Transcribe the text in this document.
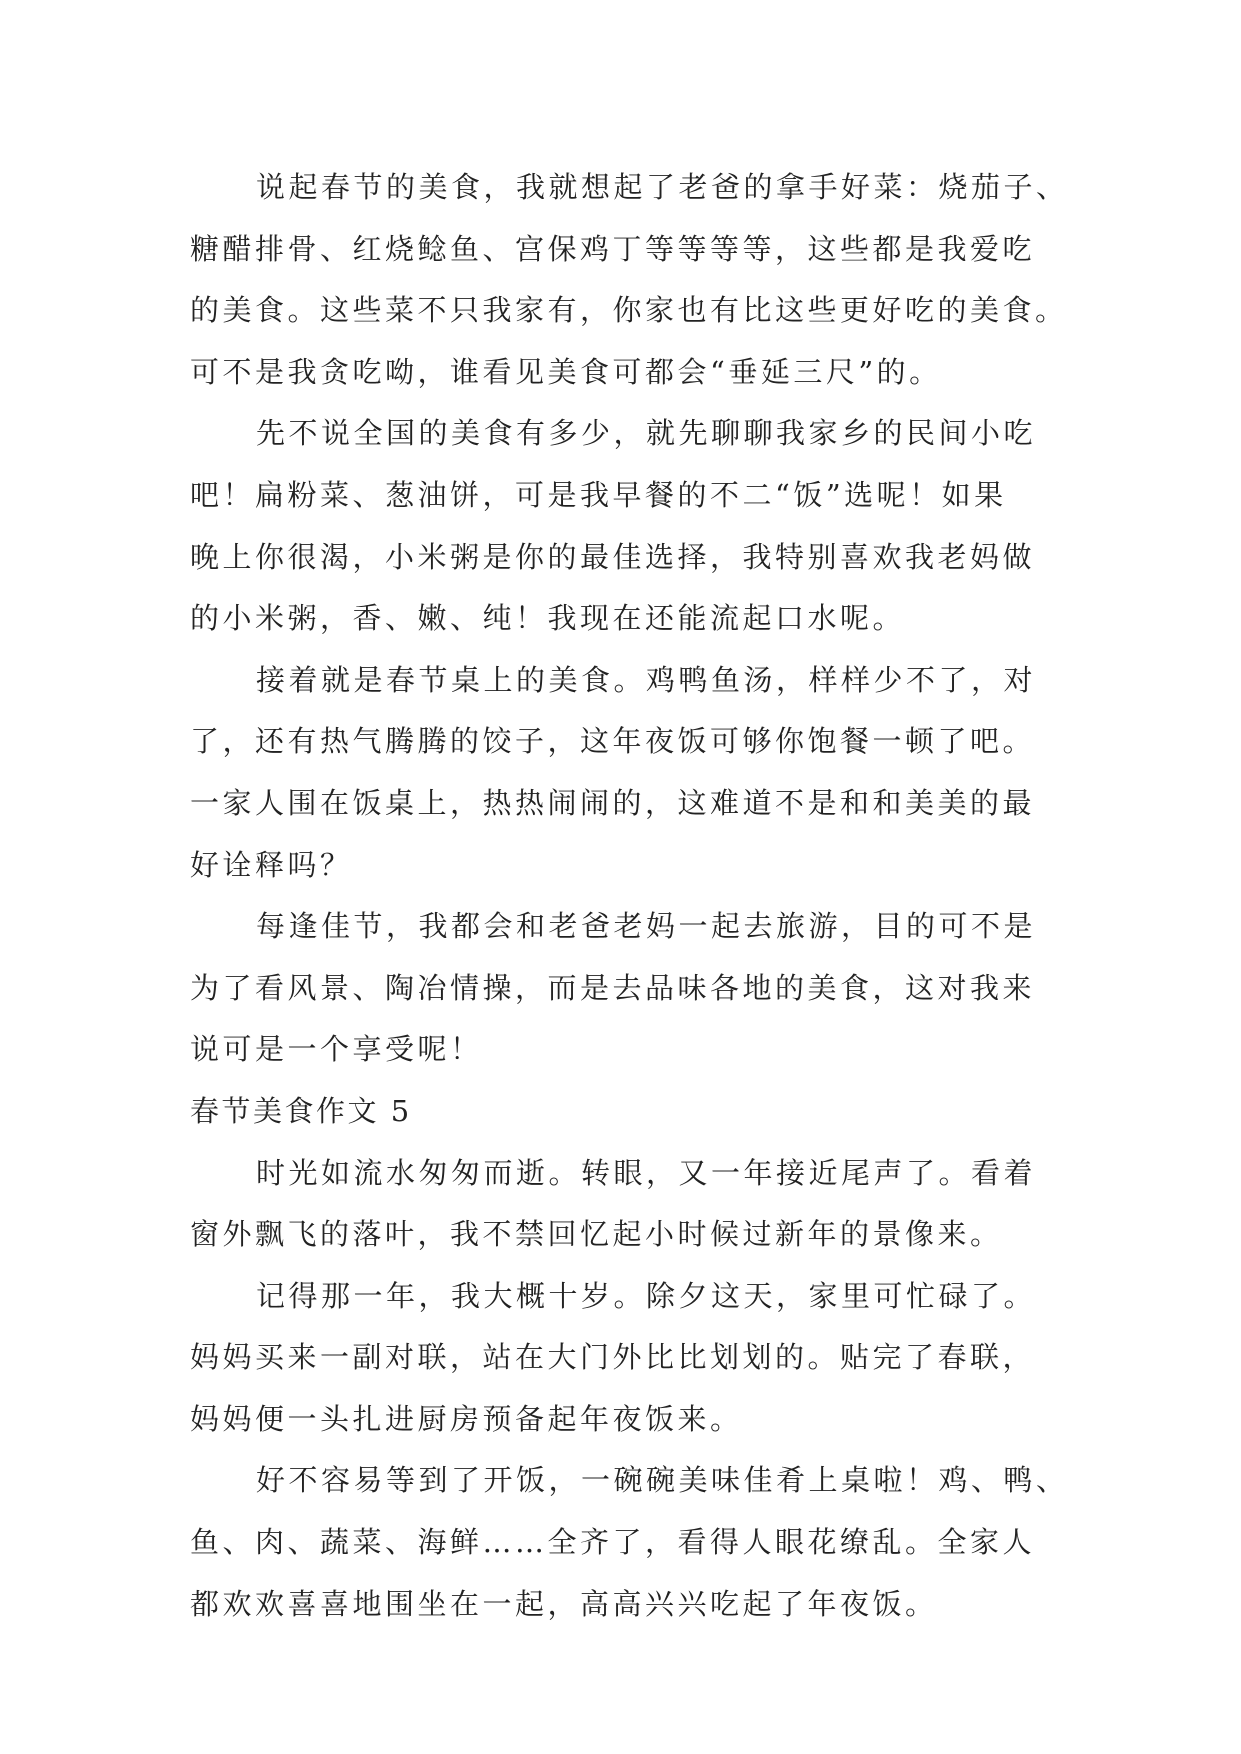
说起春节的美食，我就想起了老爸的拿手好菜：烧茄子、
糖醋排骨、红烧鲶鱼、宫保鸡丁等等等等，这些都是我爱吃
的美食。这些菜不只我家有，你家也有比这些更好吃的美食。
可不是我贪吃呦，谁看见美食可都会“垂延三尺”的。
先不说全国的美食有多少，就先聊聊我家乡的民间小吃
吧！扁粉菜、葱油饼，可是我早餐的不二“饭”选呢！如果
晚上你很渴，小米粥是你的最佳选择，我特别喜欢我老妈做
的小米粥，香、嫩、纯！我现在还能流起口水呢。
接着就是春节桌上的美食。鸡鸭鱼汤，样样少不了，对
了，还有热气腾腾的饺子，这年夜饭可够你饱餐一顿了吧。
一家人围在饭桌上，热热闹闹的，这难道不是和和美美的最
好诠释吗？
每逢佳节，我都会和老爸老妈一起去旅游，目的可不是
为了看风景、陶冶情操，而是去品味各地的美食，这对我来
说可是一个享受呢！
春节美食作文 5
时光如流水匆匆而逝。转眼，又一年接近尾声了。看着
窗外飘飞的落叶，我不禁回忆起小时候过新年的景像来。
记得那一年，我大概十岁。除夕这天，家里可忙碌了。
妈妈买来一副对联，站在大门外比比划划的。贴完了春联，
妈妈便一头扎进厨房预备起年夜饭来。
好不容易等到了开饭，一碗碗美味佳肴上桌啦！鸡、鸭、
鱼、肉、蔬菜、海鲜……全齐了，看得人眼花缭乱。全家人
都欢欢喜喜地围坐在一起，高高兴兴吃起了年夜饭。
